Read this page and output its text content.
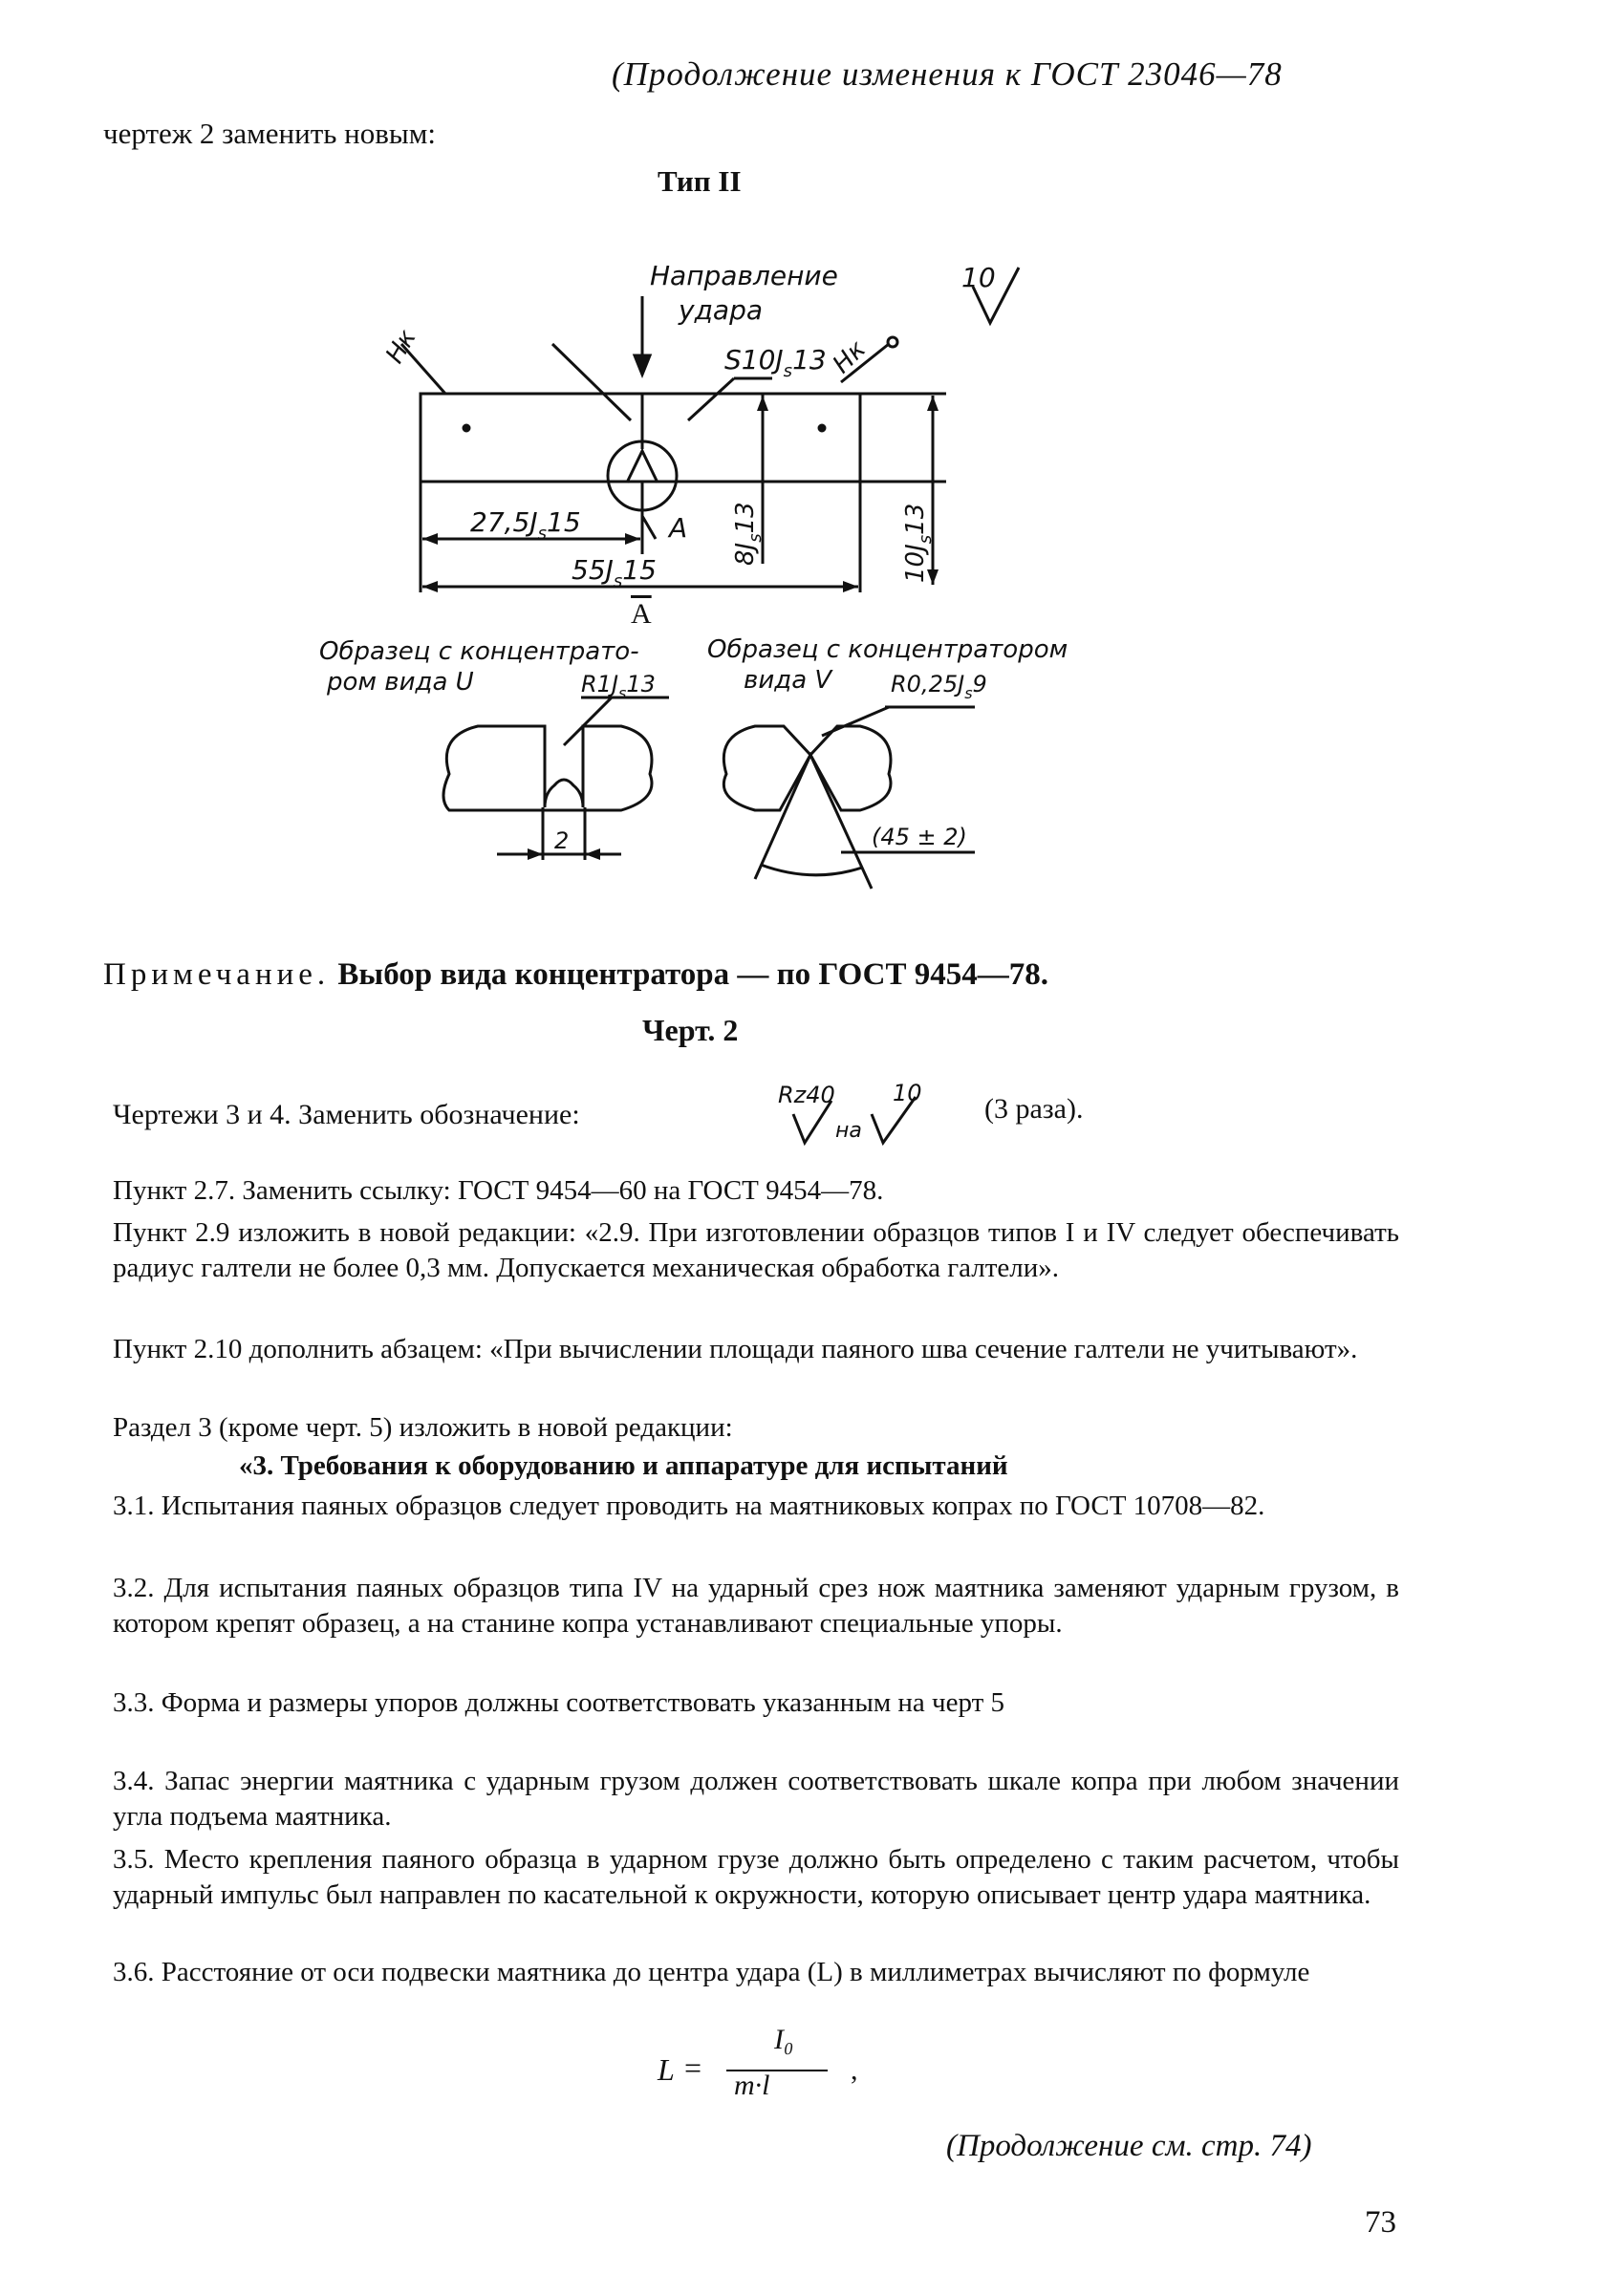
(Продолжение изменения к ГОСТ 23046—78
чертеж 2 заменить новым:
Тип II
Направление
удара
10
$S10J_s13$
Нк	Нк
$27,5J_s15$	A
$55J_s15$
$8J_s13$
$10J_s13$
A
Образец с концентрато-
ром вида U	$R1J_s13$
2
Образец с концентратором
вида V	$R0,25J_s9$
(45 ± 2)
Примечание. Выбор вида концентратора — по ГОСТ 9454—78.
Черт. 2
Чертежи 3 и 4. Заменить обозначение:
Rz40
на
10 (3 раза).
Пункт 2.7. Заменить ссылку: ГОСТ 9454—60 на ГОСТ 9454—78.
Пункт 2.9 изложить в новой редакции: «2.9. При изготовлении образцов типов I и IV следует обеспечивать радиус галтели не более 0,3 мм. Допускается механическая обработка галтели».
Пункт 2.10 дополнить абзацем: «При вычислении площади паяного шва сечение галтели не учитывают».
Раздел 3 (кроме черт. 5) изложить в новой редакции:
«3. Требования к оборудованию и аппаратуре для испытаний
3.1. Испытания паяных образцов следует проводить на маятниковых копрах по ГОСТ 10708—82.
3.2. Для испытания паяных образцов типа IV на ударный срез нож маятника заменяют ударным грузом, в котором крепят образец, а на станине копра устанавливают специальные упоры.
3.3. Форма и размеры упоров должны соответствовать указанным на черт 5
3.4. Запас энергии маятника с ударным грузом должен соответствовать шкале копра при любом значении угла подъема маятника.
3.5. Место крепления паяного образца в ударном грузе должно быть определено с таким расчетом, чтобы ударный импульс был направлен по касательной к окружности, которую описывает центр удара маятника.
3.6. Расстояние от оси подвески маятника до центра удара (L) в миллиметрах вычисляют по формуле
L =
I₀
m·l	,
(Продолжение см. стр. 74)
73
